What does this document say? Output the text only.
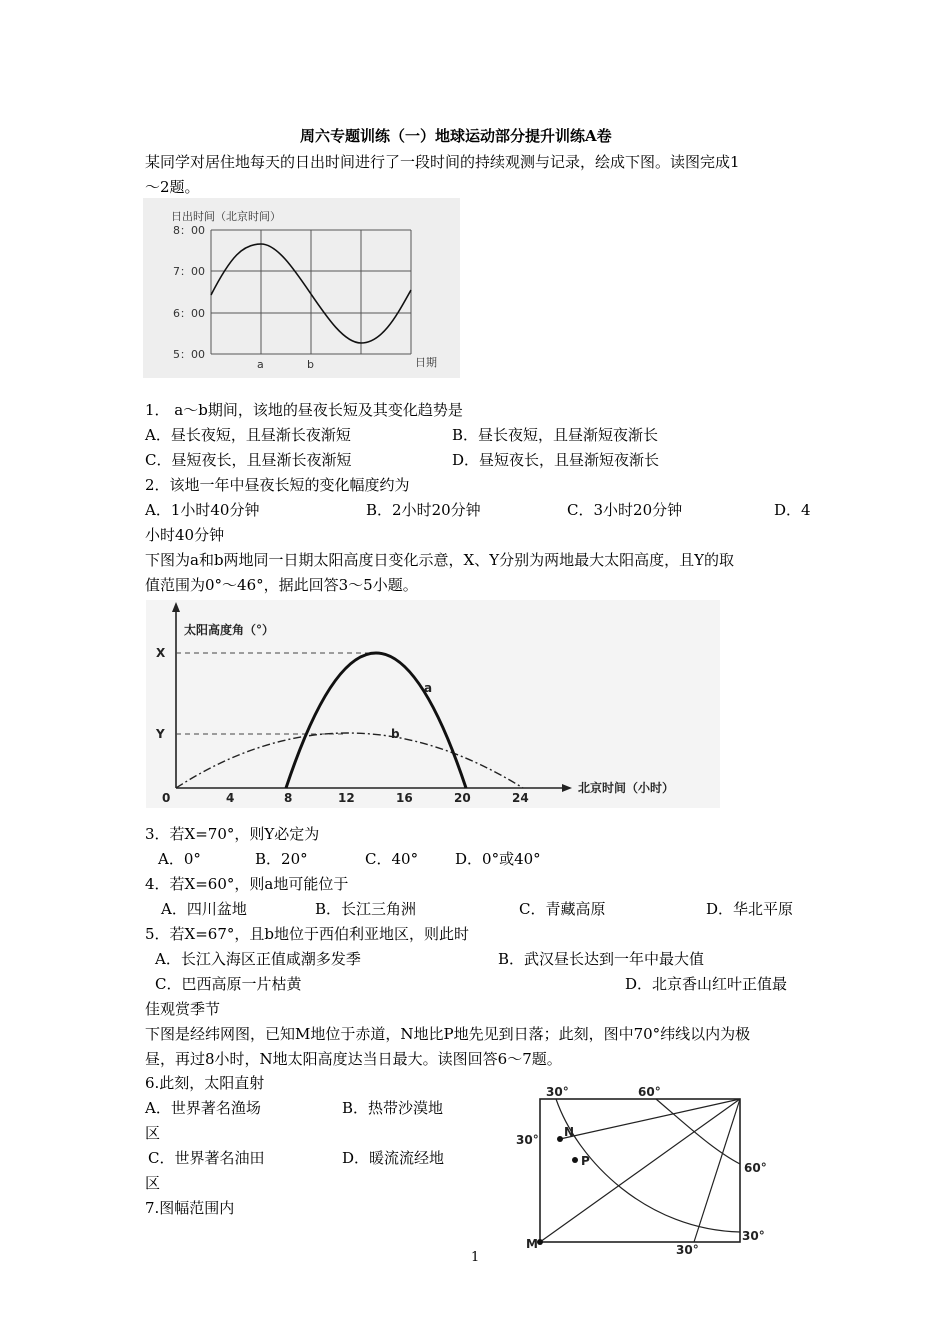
周六专题训练（一）地球运动部分提升训练A卷
某同学对居住地每天的日出时间进行了一段时间的持续观测与记录，绘成下图。读图完成1
～2题。
日出时间（北京时间）
8：00
7：00
6：00
5：00
a	b	日期
1． a～b期间，该地的昼夜长短及其变化趋势是
A．昼长夜短，且昼渐长夜渐短	B．昼长夜短，且昼渐短夜渐长
C．昼短夜长，且昼渐长夜渐短	D．昼短夜长，且昼渐短夜渐长
2．该地一年中昼夜长短的变化幅度约为
A．1小时40分钟	B．2小时20分钟	C．3小时20分钟	D．4
小时40分钟
下图为a和b两地同一日期太阳高度日变化示意，X、Y分别为两地最大太阳高度，且Y的取
值范围为0°～46°，据此回答3～5小题。
太阳高度角（°）
北京时间（小时）
X
Y
0
a
b
4	8	12	16	20	24
3．若X=70°，则Y必定为
A．0°	B．20°	C．40° D．0°或40°
4．若X=60°，则a地可能位于
A．四川盆地	B．长江三角洲	C．青藏高原	D．华北平原
5．若X=67°，且b地位于西伯利亚地区，则此时
A．长江入海区正值咸潮多发季	B．武汉昼长达到一年中最大值
C．巴西高原一片枯黄	D．北京香山红叶正值最
佳观赏季节
下图是经纬网图，已知M地位于赤道，N地比P地先见到日落；此刻，图中70°纬线以内为极
昼，再过8小时，N地太阳高度达当日最大。读图回答6～7题。
6.此刻，太阳直射
A．世界著名渔场	B．热带沙漠地
区
C．世界著名油田	D．暖流流经地
区
7.图幅范围内
30°	60°
30°
60°
30°
30°
N
P
M
1
